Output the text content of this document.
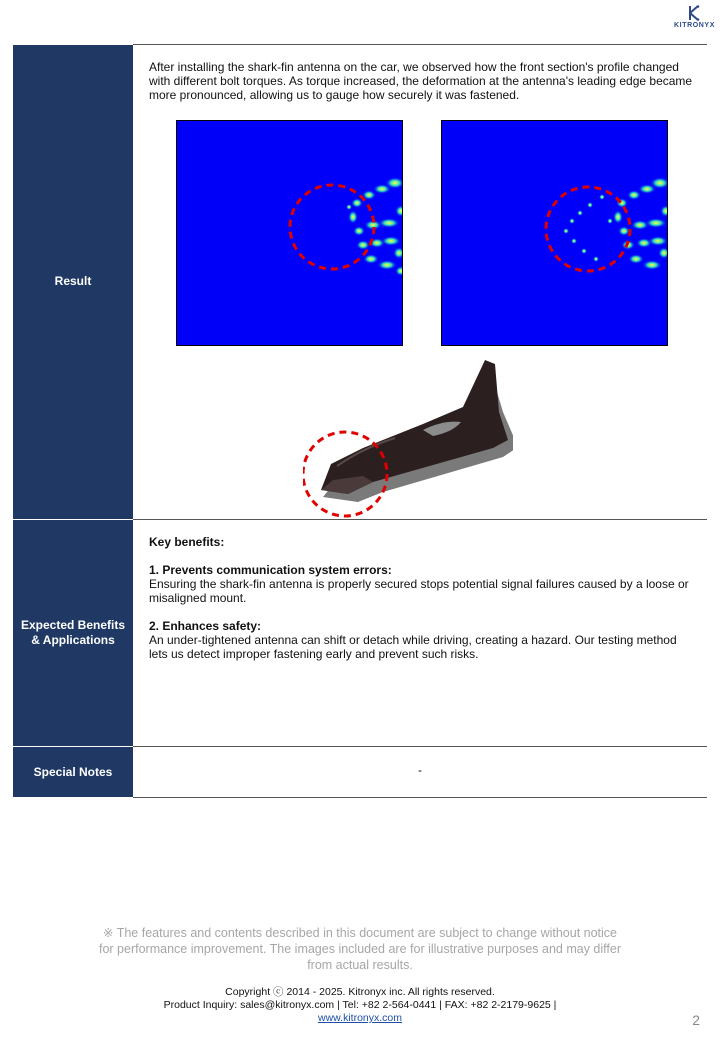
KITRONYX
Result	After installing the shark-fin antenna on the car, we observed how the front section's profile changed with different bolt torques. As torque increased, the deformation at the antenna's leading edge became more pronounced, allowing us to gauge how securely it was fastened.

Expected Benefits & Applications	Key benefits:
1. Prevents communication system errors:
Ensuring the shark-fin antenna is properly secured stops potential signal failures caused by a loose or misaligned mount.
2. Enhances safety:
An under-tightened antenna can shift or detach while driving, creating a hazard. Our testing method lets us detect improper fastening early and prevent such risks.

Special Notes	-
※ The features and contents described in this document are subject to change without notice for performance improvement. The images included are for illustrative purposes and may differ from actual results.
Copyright ⓒ 2014 - 2025. Kitronyx inc. All rights reserved.
Product Inquiry: sales@kitronyx.com | Tel: +82 2-564-0441 | FAX: +82 2-2179-9625 |
www.kitronyx.com	2
